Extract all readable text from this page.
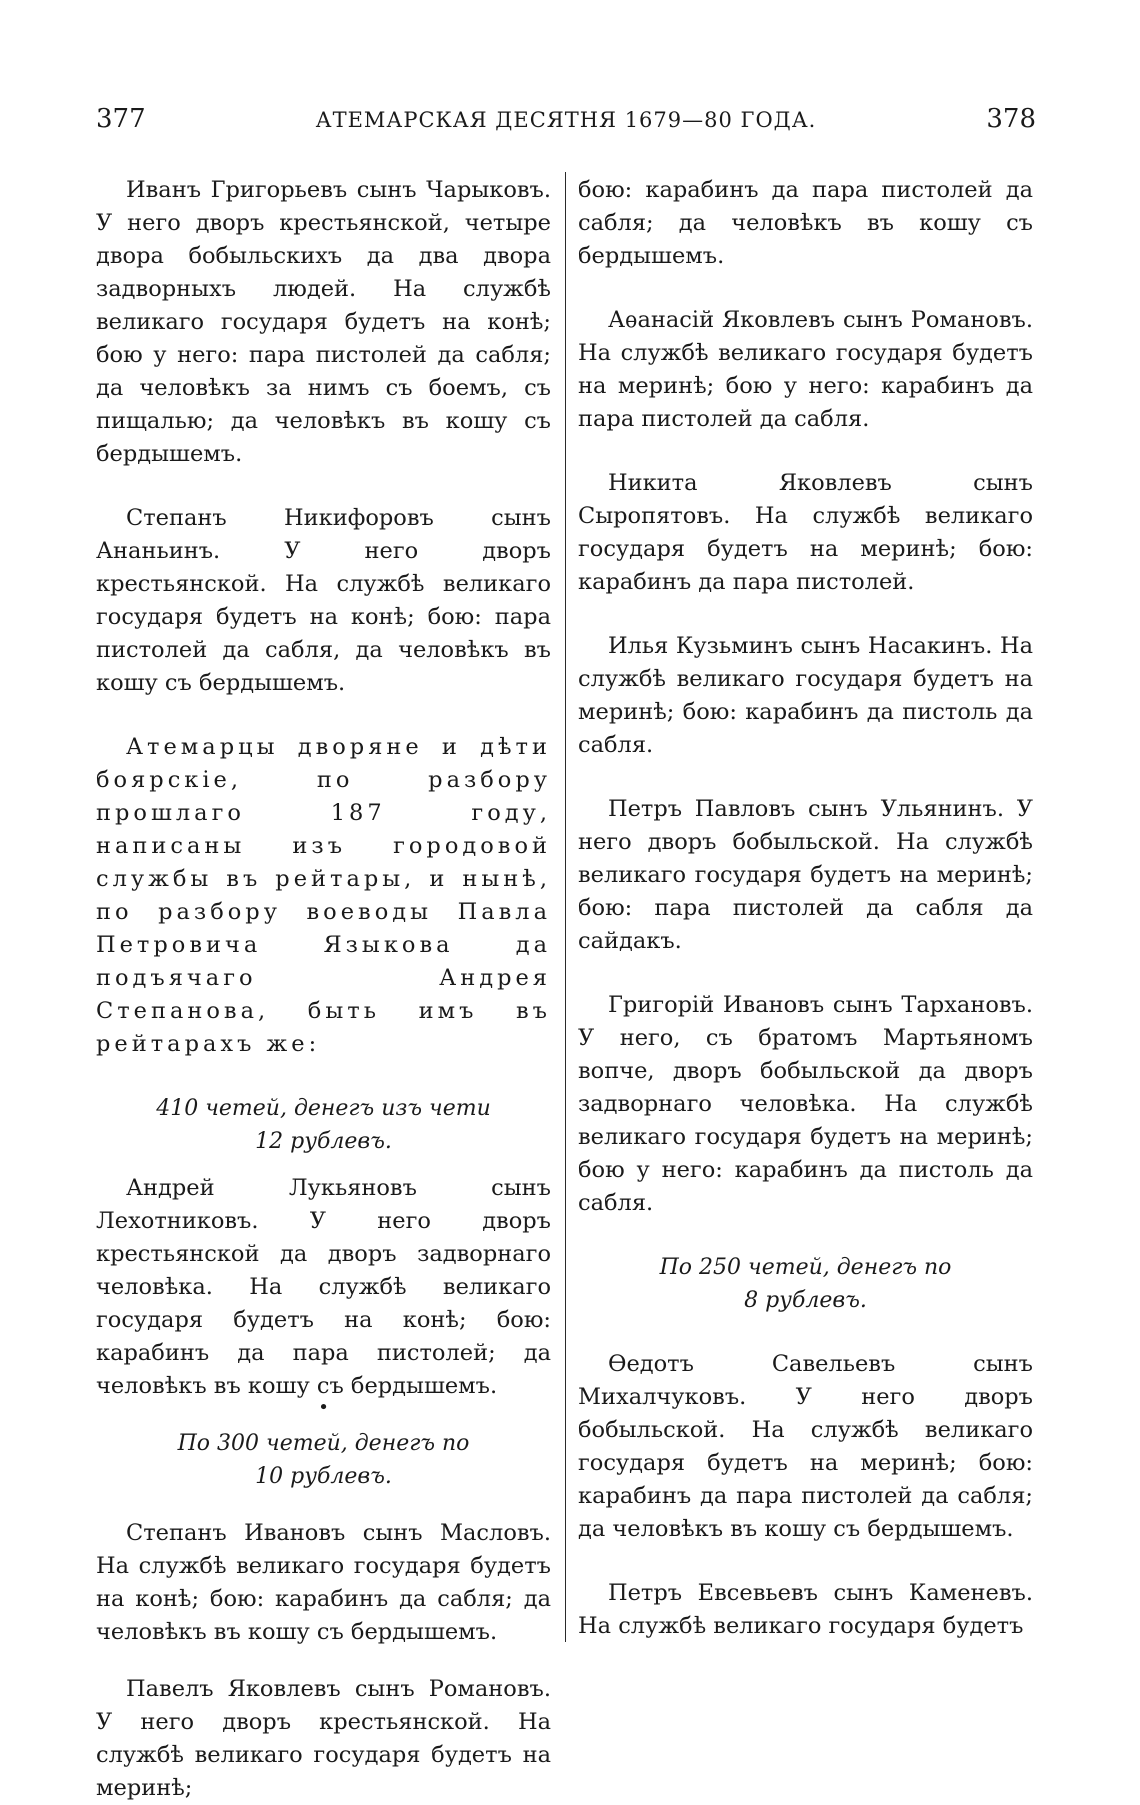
377	АТЕМАРСКАЯ ДЕСЯТНЯ 1679—80 ГОДА.	378

Иванъ Григорьевъ сынъ Чарыковъ. У него дворъ крестьянской, четыре двора бобыльскихъ да два двора задворныхъ людей. На службѣ великаго государя будетъ на конѣ; бою у него: пара пистолей да сабля; да человѣкъ за нимъ съ боемъ, съ пищалью; да человѣкъ въ кошу съ бердышемъ.

Степанъ Никифоровъ сынъ Ананьинъ. У него дворъ крестьянской. На службѣ великаго государя будетъ на конѣ; бою: пара пистолей да сабля, да человѣкъ въ кошу съ бердышемъ.

Атемарцы дворяне и дѣти боярскіе, по разбору прошлаго 187 году, написаны изъ городовой службы въ рейтары, и нынѣ, по разбору воеводы Павла Петровича Языкова да подъячаго Андрея Степанова, быть имъ въ рейтарахъ же:

410 четей, денегъ изъ чети

12 рублевъ.

Андрей Лукьяновъ сынъ Лехотниковъ. У него дворъ крестьянской да дворъ задворнаго человѣка. На службѣ великаго государя будетъ на конѣ; бою: карабинъ да пара пистолей; да человѣкъ въ кошу съ бердышемъ.

•

По 300 четей, денегъ по

10 рублевъ.

Степанъ Ивановъ сынъ Масловъ. На службѣ великаго государя будетъ на конѣ; бою: карабинъ да сабля; да человѣкъ въ кошу съ бердышемъ.

Павелъ Яковлевъ сынъ Романовъ. У него дворъ крестьянской. На службѣ великаго государя будетъ на меринѣ;

бою: карабинъ да пара пистолей да сабля; да человѣкъ въ кошу съ бердышемъ.

Аѳанасій Яковлевъ сынъ Романовъ. На службѣ великаго государя будетъ на меринѣ; бою у него: карабинъ да пара пистолей да сабля.

Никита Яковлевъ сынъ Сыропятовъ. На службѣ великаго государя будетъ на меринѣ; бою: карабинъ да пара пистолей.

Илья Кузьминъ сынъ Насакинъ. На службѣ великаго государя будетъ на меринѣ; бою: карабинъ да пистоль да сабля.

Петръ Павловъ сынъ Ульянинъ. У него дворъ бобыльской. На службѣ великаго государя будетъ на меринѣ; бою: пара пистолей да сабля да сайдакъ.

Григорій Ивановъ сынъ Тархановъ. У него, съ братомъ Мартьяномъ вопче, дворъ бобыльской да дворъ задворнаго человѣка. На службѣ великаго государя будетъ на меринѣ; бою у него: карабинъ да пистоль да сабля.

По 250 четей, денегъ по

8 рублевъ.

Ѳедотъ Савельевъ сынъ Михалчуковъ. У него дворъ бобыльской. На службѣ великаго государя будетъ на меринѣ; бою: карабинъ да пара пистолей да сабля; да человѣкъ въ кошу съ бердышемъ.

Петръ Евсевьевъ сынъ Каменевъ. На службѣ великаго государя будетъ
